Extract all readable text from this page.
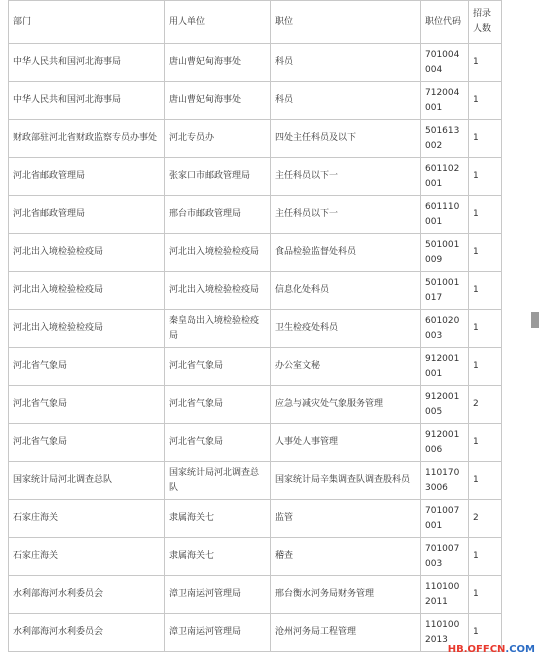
部门	用人单位	职位	职位代码	招录人数
中华人民共和国河北海事局	唐山曹妃甸海事处	科员	701004004	1
中华人民共和国河北海事局	唐山曹妃甸海事处	科员	712004001	1
财政部驻河北省财政监察专员办事处	河北专员办	四处主任科员及以下	501613002	1
河北省邮政管理局	张家口市邮政管理局	主任科员以下一	601102001	1
河北省邮政管理局	邢台市邮政管理局	主任科员以下一	601110001	1
河北出入境检验检疫局	河北出入境检验检疫局	食品检验监督处科员	501001009	1
河北出入境检验检疫局	河北出入境检验检疫局	信息化处科员	501001017	1
河北出入境检验检疫局	秦皇岛出入境检验检疫局	卫生检疫处科员	601020003	1
河北省气象局	河北省气象局	办公室文秘	912001001	1
河北省气象局	河北省气象局	应急与减灾处气象服务管理	912001005	2
河北省气象局	河北省气象局	人事处人事管理	912001006	1
国家统计局河北调查总队	国家统计局河北调查总队	国家统计局辛集调查队调查股科员	1101703006	1
石家庄海关	隶属海关七	监管	701007001	2
石家庄海关	隶属海关七	稽查	701007003	1
水利部海河水利委员会	漳卫南运河管理局	邢台衡水河务局财务管理	1101002011	1
水利部海河水利委员会	漳卫南运河管理局	沧州河务局工程管理	1101002013	1
HB.OFFCN.COM
